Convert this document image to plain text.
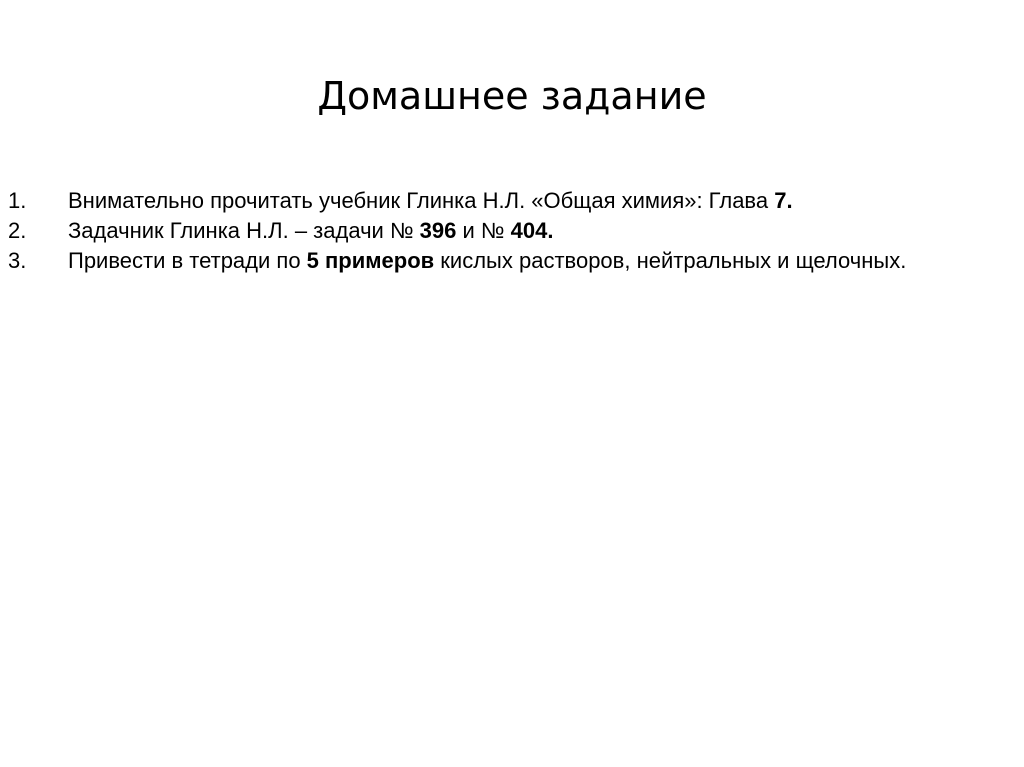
Домашнее задание
1.	Внимательно прочитать учебник Глинка Н.Л. «Общая химия»: Глава 7.
2.	Задачник Глинка Н.Л. – задачи № 396 и № 404.
3.	Привести в тетради по 5 примеров кислых растворов, нейтральных и щелочных.
